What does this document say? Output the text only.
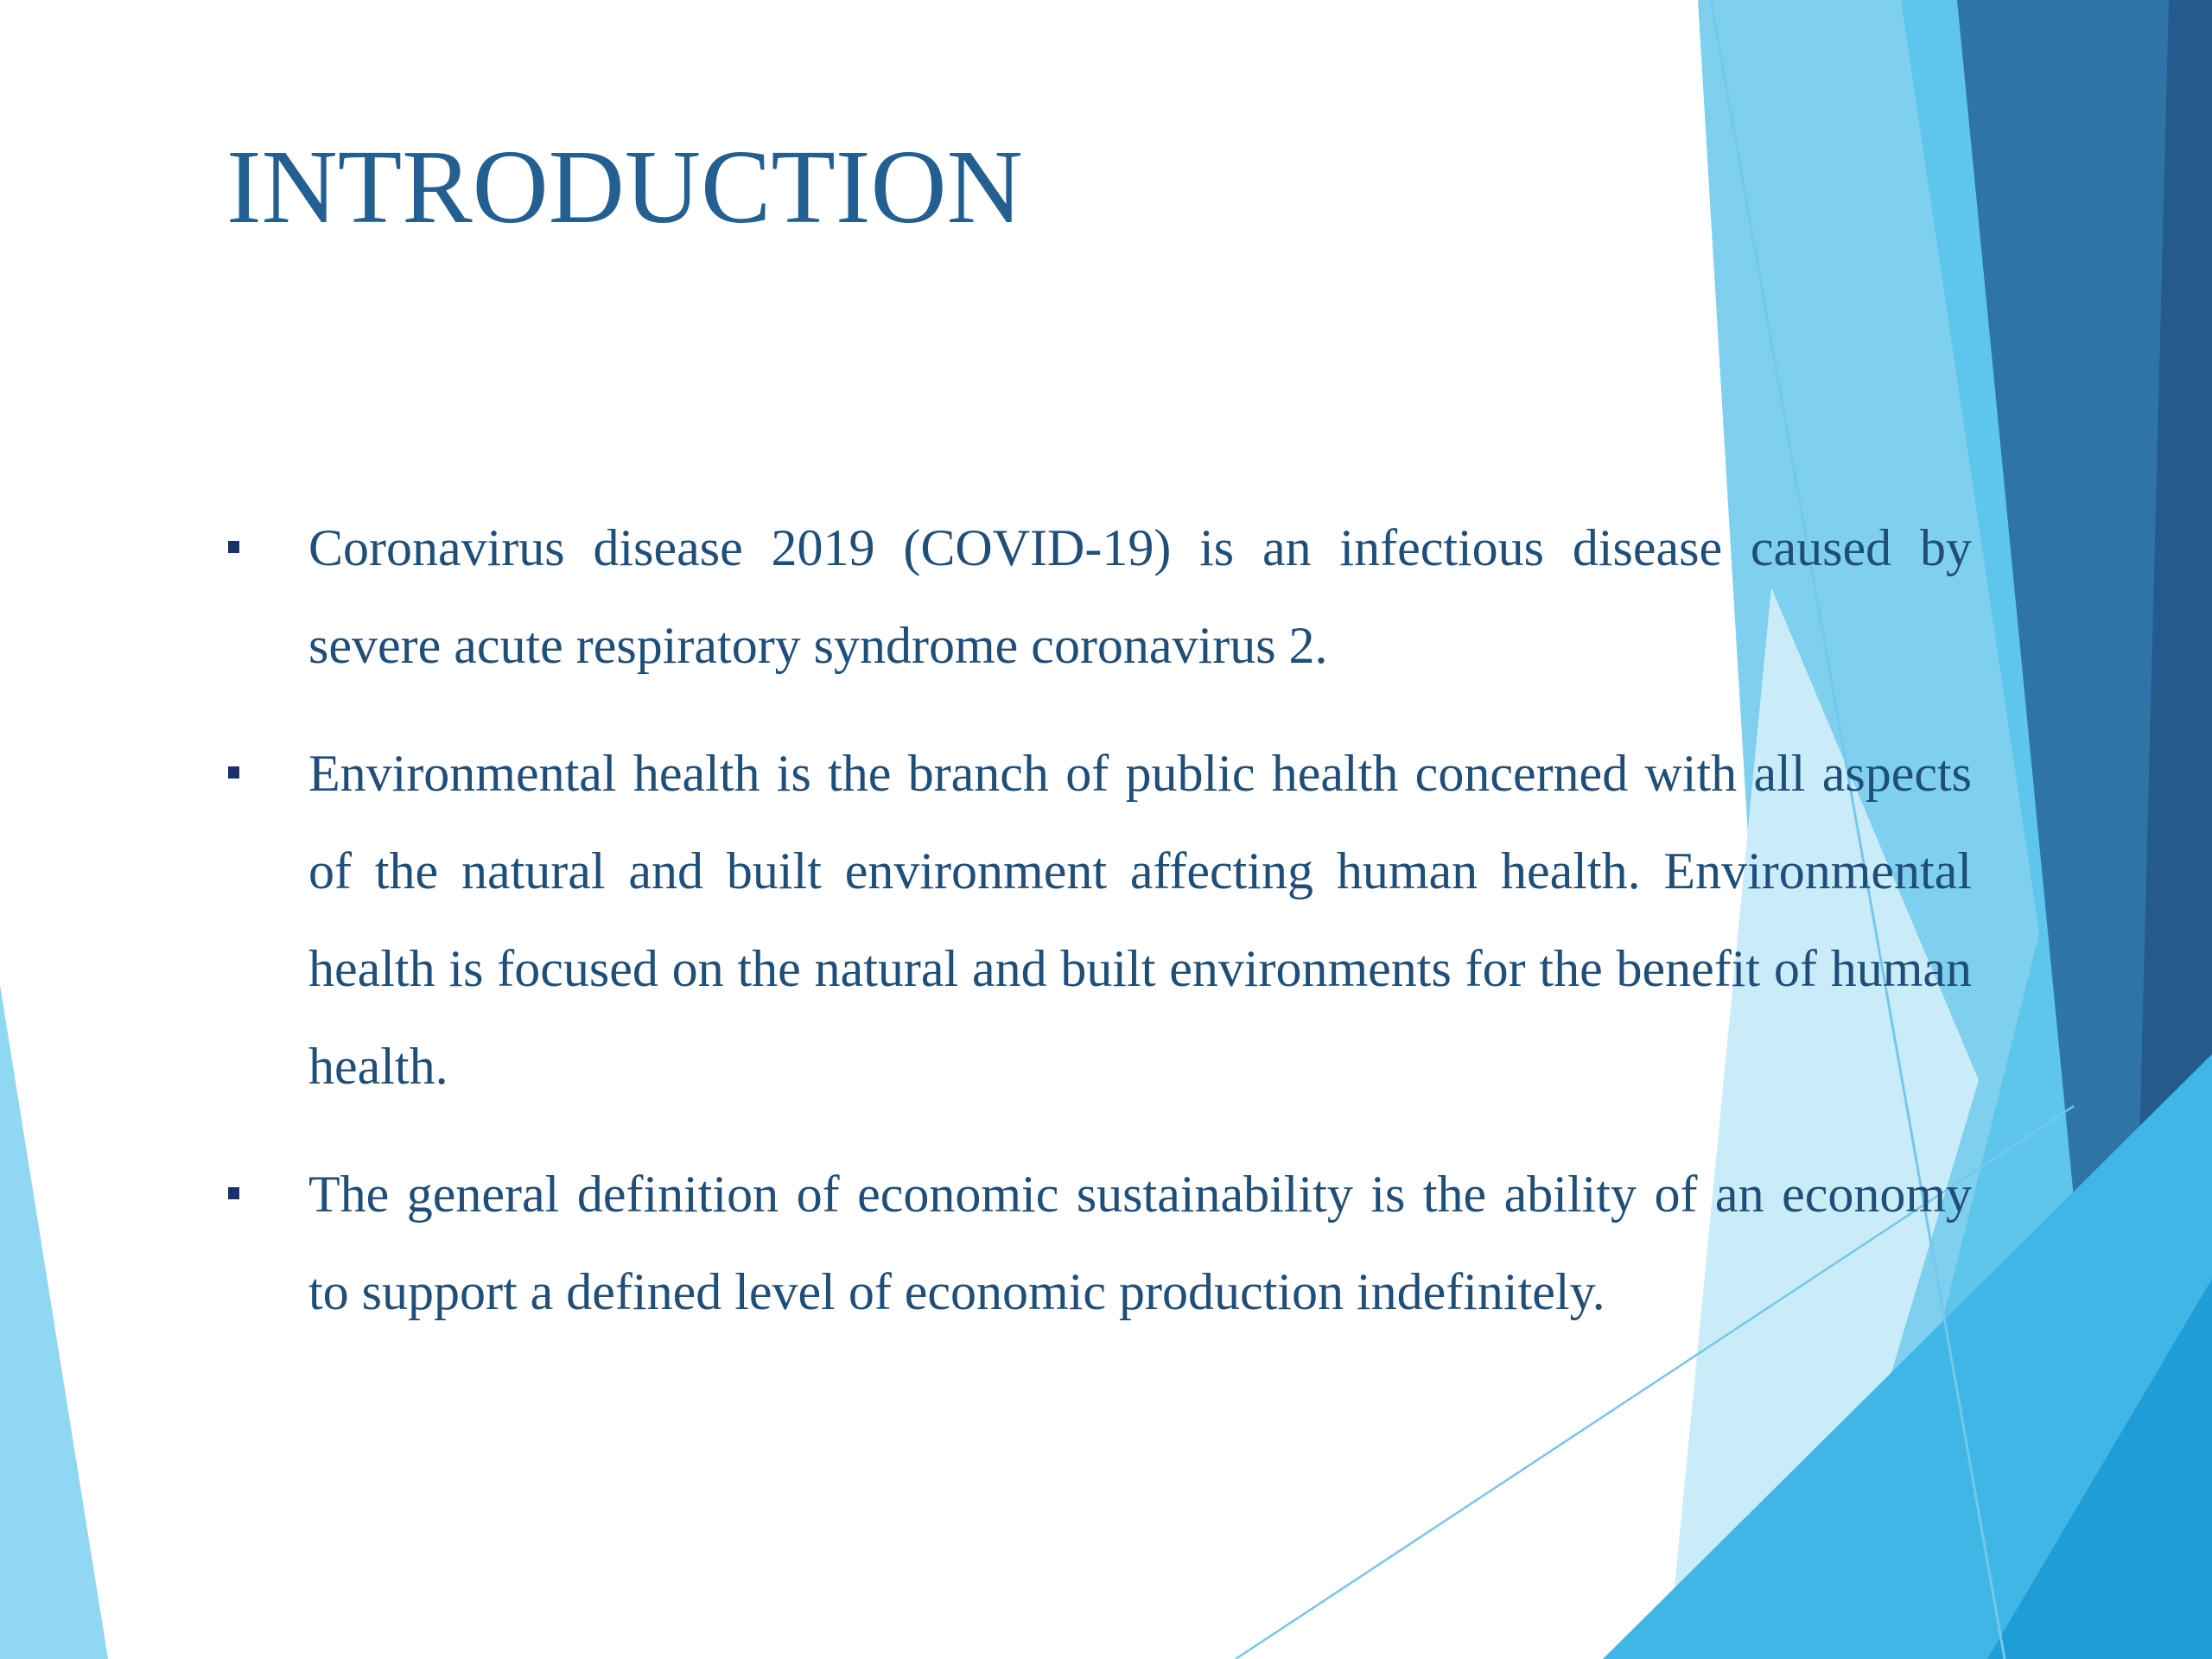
INTRODUCTION
Coronavirus disease 2019 (COVID-19) is an infectious disease caused by severe acute respiratory syndrome coronavirus 2.
Environmental health is the branch of public health concerned with all aspects of the natural and built environment affecting human health. Environmental health is focused on the natural and built environments for the benefit of human health.
The general definition of economic sustainability is the ability of an economy to support a defined level of economic production indefinitely.
